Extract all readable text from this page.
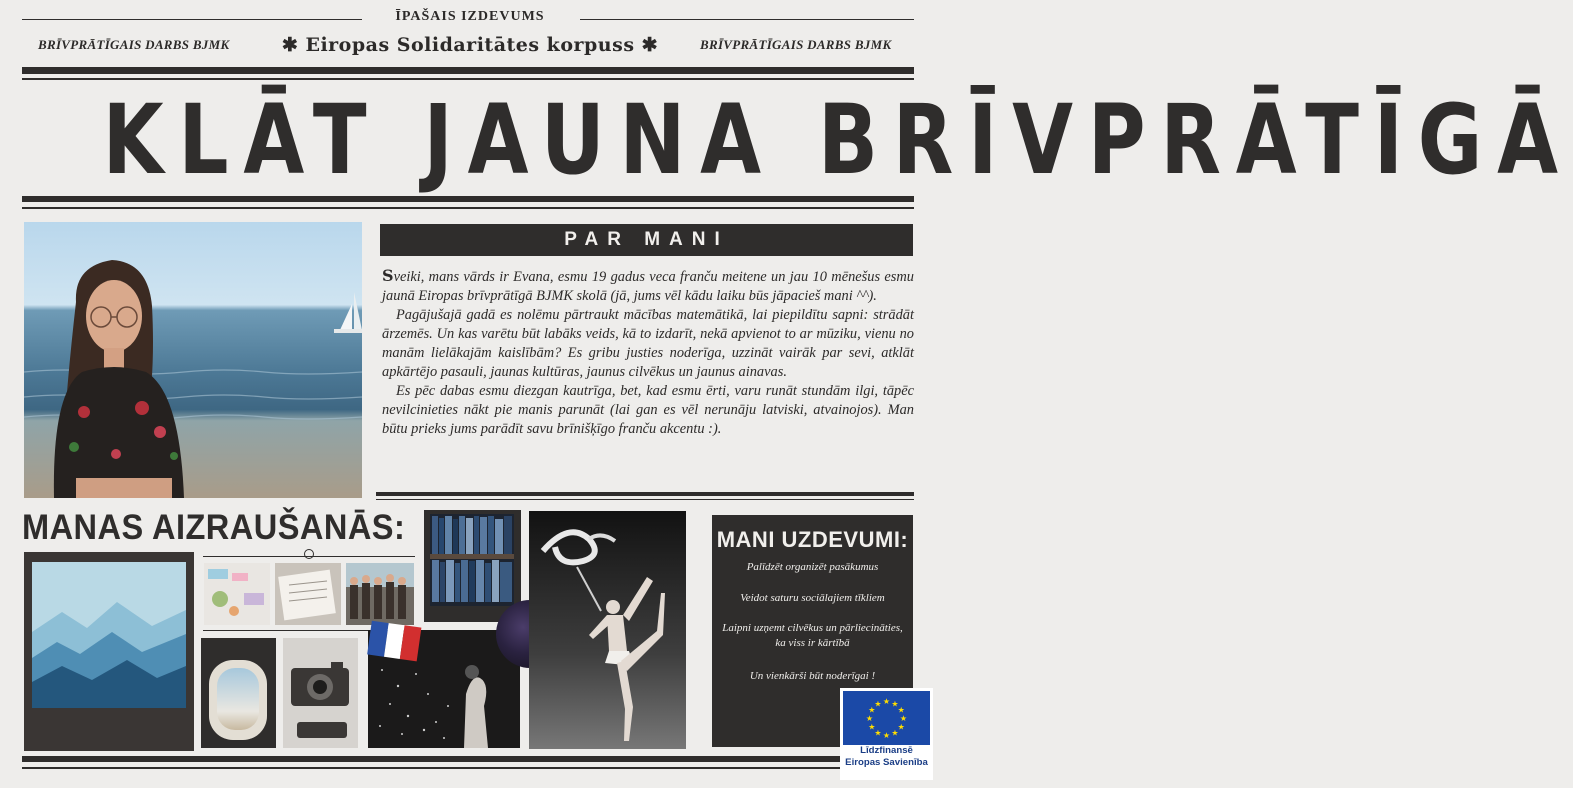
ĪPAŠAIS IZDEVUMS
✱ Eiropas Solidaritātes korpuss ✱
BRĪVPRĀTĪGAIS DARBS BJMK	BRĪVPRĀTĪGAIS DARBS BJMK
KLĀT JAUNA BRĪVPRĀTĪGĀ
PAR MANI

Sveiki, mans vārds ir Evana, esmu 19 gadus veca franču meitene un jau 10 mēnešus esmu jaunā Eiropas brīvprātīgā BJMK skolā (jā, jums vēl kādu laiku būs jāpacieš mani ^^).

Pagājušajā gadā es nolēmu pārtraukt mācības matemātikā, lai piepildītu sapni: strādāt ārzemēs. Un kas varētu būt labāks veids, kā to izdarīt, nekā apvienot to ar mūziku, vienu no manām lielākajām kaislībām? Es gribu justies noderīga, uzzināt vairāk par sevi, atklāt apkārtējo pasauli, jaunas kultūras, jaunus cilvēkus un jaunus ainavas.

Es pēc dabas esmu diezgan kautrīga, bet, kad esmu ērti, varu runāt stundām ilgi, tāpēc nevilcinieties nākt pie manis parunāt (lai gan es vēl nerunāju latviski, atvainojos). Man būtu prieks jums parādīt savu brīnišķīgo franču akcentu :).

MANAS AIZRAUŠANĀS:	MANI UZDEVUMI:
Palīdzēt organizēt pasākumus
Veidot saturu sociālajiem tīkliem
Laipni uzņemt cilvēkus un pārliecināties, ka viss ir kārtībā
Un vienkārši būt noderīgai !
★ ★
★
★
★
★
★
★
★
★
★
★
Līdzfinansē
Eiropas Savienība
